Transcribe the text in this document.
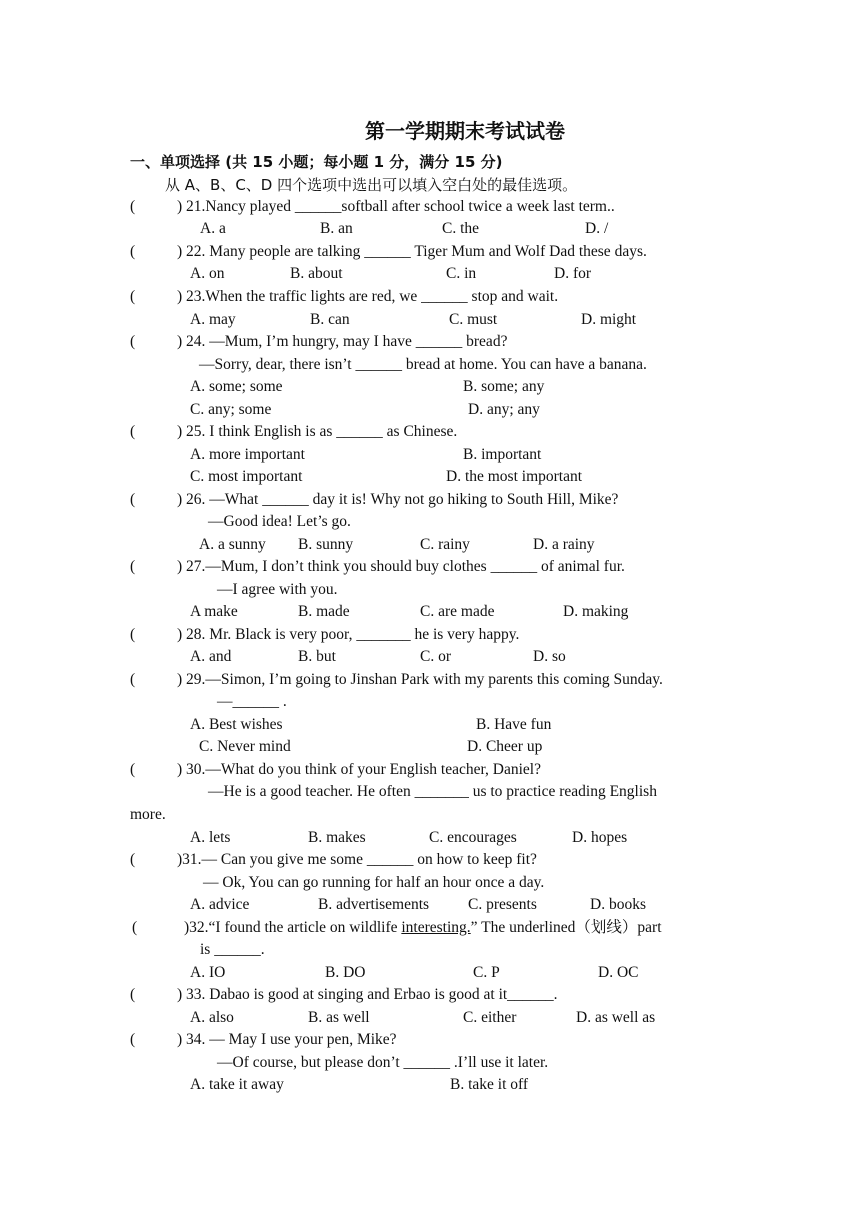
第一学期期末考试试卷
一、单项选择 (共 15 小题；每小题 1 分，满分 15 分)
从 A、B、C、D 四个选项中选出可以填入空白处的最佳选项。
(	) 21.Nancy played ______softball after school twice a week last term..
A. a	B. an	C. the	D. /
(	) 22. Many people are talking ______ Tiger Mum and Wolf Dad these days.
A. on	B. about	C. in	D. for
(	) 23.When the traffic lights are red, we ______ stop and wait.
A. may	B. can	C. must	D. might
(	) 24. —Mum, I’m hungry, may I have ______ bread?
—Sorry, dear, there isn’t ______ bread at home. You can have a banana.
A. some; some	B. some; any
C. any; some	D. any; any
(	) 25. I think English is as ______ as Chinese.
A. more important	B. important
C. most important	D. the most important
(	) 26. —What ______ day it is! Why not go hiking to South Hill, Mike?
—Good idea! Let’s go.
A. a sunny B. sunny	C. rainy	D. a rainy
(	) 27.—Mum, I don’t think you should buy clothes ______ of animal fur.
—I agree with you.
A make	B. made	C. are made	D. making
(	) 28. Mr. Black is very poor, _______ he is very happy.
A. and	B. but	C. or	D. so
(	) 29.—Simon, I’m going to Jinshan Park with my parents this coming Sunday.
—______ .
A. Best wishes	B. Have fun
C. Never mind	D. Cheer up
(	) 30.—What do you think of your English teacher, Daniel?
—He is a good teacher. He often _______ us to practice reading English
more.
A. lets	B. makes	C. encourages	D. hopes
(	)31.— Can you give me some ______ on how to keep fit?
— Ok, You can go running for half an hour once a day.
A. advice	B. advertisements	C. presents	D. books
(	)32.“I found the article on wildlife interesting.” The underlined（划线）part
is ______.
A. IO	B. DO	C. P	D. OC
(	) 33. Dabao is good at singing and Erbao is good at it______.
A. also	B. as well	C. either	D. as well as
(	) 34. — May I use your pen, Mike?
—Of course, but please don’t ______ .I’ll use it later.
A. take it away	B. take it off
